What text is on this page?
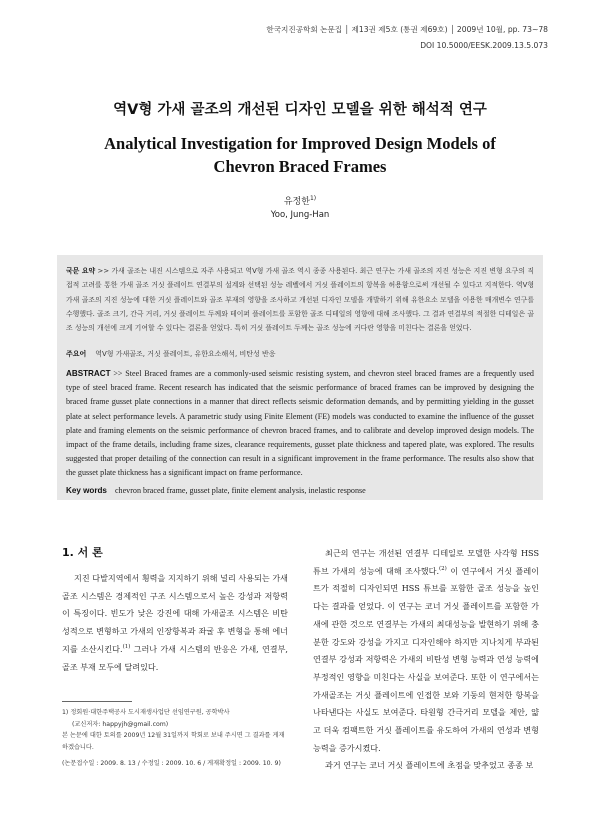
한국지진공학회 논문집 │ 제13권 제5호 (통권 제69호) │ 2009년 10월, pp. 73~78
DOI 10.5000/EESK.2009.13.5.073
역V형 가새 골조의 개선된 디자인 모델을 위한 해석적 연구
Analytical Investigation for Improved Design Models of
Chevron Braced Frames
유정한$^{1)}$
Yoo, Jung-Han
국문 요약 >> 가새 골조는 내진 시스템으로 자주 사용되고 역V형 가새 골조 역시 종종 사용된다. 최근 연구는 가새 골조의 지진 성능은 지진 변형 요구의 직접적 고려를 통한 가새 골조 거싯 플레이트 연결부의 설계와 선택된 성능 레벨에서 거싯 플레이트의 항복을 허용함으로써 개선될 수 있다고 지적한다. 역V형 가새 골조의 지진 성능에 대한 거싯 플레이트와 골조 부재의 영향을 조사하고 개선된 디자인 모델을 개발하기 위해 유한요소 모델을 이용한 매개변수 연구를 수행했다. 골조 크기, 간극 거리, 거싯 플레이트 두께와 테이퍼 플레이트를 포함한 골조 디테일의 영향에 대해 조사했다. 그 결과 연결부의 적절한 디테일은 골조 성능의 개선에 크게 기여할 수 있다는 결론을 얻었다. 특히 거싯 플레이트 두께는 골조 성능에 커다란 영향을 미친다는 결론을 얻었다.
주요어 역V형 가새골조, 거싯 플레이트, 유한요소해석, 비탄성 반응
ABSTRACT >> Steel Braced frames are a commonly-used seismic resisting system, and chevron steel braced frames are a frequently used type of steel braced frame. Recent research has indicated that the seismic performance of braced frames can be improved by designing the braced frame gusset plate connections in a manner that direct reflects seismic deformation demands, and by permitting yielding in the gusset plate at select performance levels. A parametric study using Finite Element (FE) models was conducted to examine the influence of the gusset plate and framing elements on the seismic performance of chevron braced frames, and to calibrate and develop improved design models. The impact of the frame details, including frame sizes, clearance requirements, gusset plate thickness and tapered plate, was explored. The results suggested that proper detailing of the connection can result in a significant improvement in the frame performance. The results also show that the gusset plate thickness has a significant impact on frame performance.
Key words chevron braced frame, gusset plate, finite element analysis, inelastic response
1. 서 론

지진 다발지역에서 횡력을 지지하기 위해 널리 사용되는 가새 골조 시스템은 경제적인 구조 시스템으로서 높은 강성과 저항력이 특징이다. 빈도가 낮은 강진에 대해 가새골조 시스템은 비탄성적으로 변형하고 가새의 인장항복과 좌굴 후 변형을 통해 에너지를 소산시킨다.$^{(1)}$ 그러나 가새 시스템의 반응은 가새, 연결부, 골조 부재 모두에 달려있다.

1) 정회원·대한주택공사 도시재생사업단 선임연구원, 공학박사

(교신저자: happyjh@gmail.com)

본 논문에 대한 토의를 2009년 12월 31일까지 학회로 보내 주시면 그 결과를 게재하겠습니다.

(논문접수일 : 2009. 8. 13 / 수정일 : 2009. 10. 6 / 게재확정일 : 2009. 10. 9)

최근의 연구는 개선된 연결부 디테일로 모델한 사각형 HSS 튜브 가새의 성능에 대해 조사했다.$^{(2)}$ 이 연구에서 거싯 플레이트가 적절히 디자인되면 HSS 튜브를 포함한 골조 성능을 높인다는 결과를 얻었다. 이 연구는 코너 거싯 플레이트를 포함한 가새에 관한 것으로 연결부는 가새의 최대성능을 발현하기 위해 충분한 강도와 강성을 가지고 디자인해야 하지만 지나치게 부과된 연결부 강성과 저항력은 가새의 비탄성 변형 능력과 연성 능력에 부정적인 영향을 미친다는 사실을 보여준다. 또한 이 연구에서는 가새골조는 거싯 플레이트에 인접한 보와 기둥의 현저한 항복을 나타낸다는 사실도 보여준다. 타원형 간극거리 모델을 제안, 얇고 더욱 컴팩트한 거싯 플레이트를 유도하여 가새의 연성과 변형 능력을 증가시켰다.

과거 연구는 코너 거싯 플레이트에 초점을 맞추었고 종종 보
